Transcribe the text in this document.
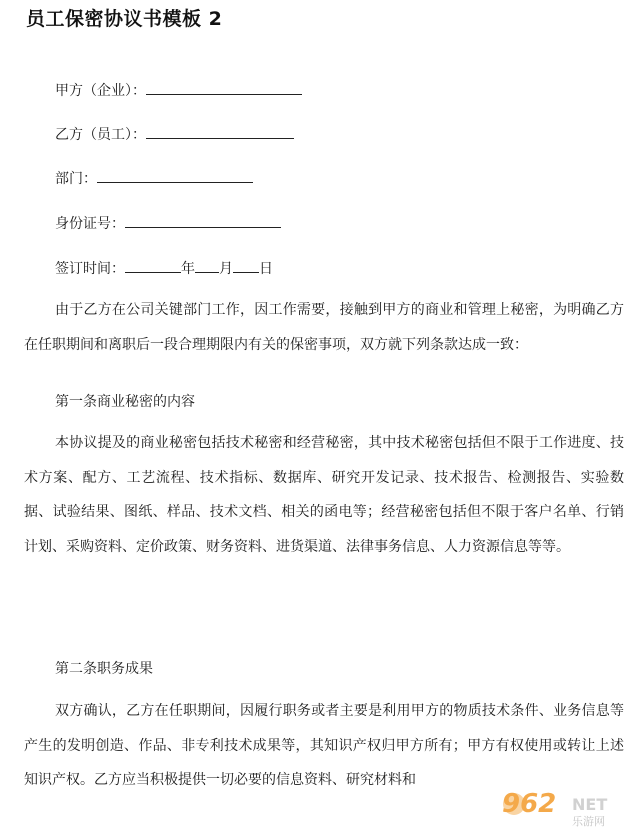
员工保密协议书模板 2
甲方（企业）：
乙方（员工）：
部门：
身份证号：
签订时间：	年 月 日
由于乙方在公司关键部门工作，因工作需要，接触到甲方的商业和管理上秘密，为明确乙方在任职期间和离职后一段合理期限内有关的保密事项，双方就下列条款达成一致：
第一条商业秘密的内容
本协议提及的商业秘密包括技术秘密和经营秘密，其中技术秘密包括但不限于工作进度、技术方案、配方、工艺流程、技术指标、数据库、研究开发记录、技术报告、检测报告、实验数据、试验结果、图纸、样品、技术文档、相关的函电等；经营秘密包括但不限于客户名单、行销计划、采购资料、定价政策、财务资料、进货渠道、法律事务信息、人力资源信息等等。
第二条职务成果
双方确认，乙方在任职期间，因履行职务或者主要是利用甲方的物质技术条件、业务信息等产生的发明创造、作品、非专利技术成果等，其知识产权归甲方所有；甲方有权使用或转让上述知识产权。乙方应当积极提供一切必要的信息资料、研究材料和
962 NET
乐游网
